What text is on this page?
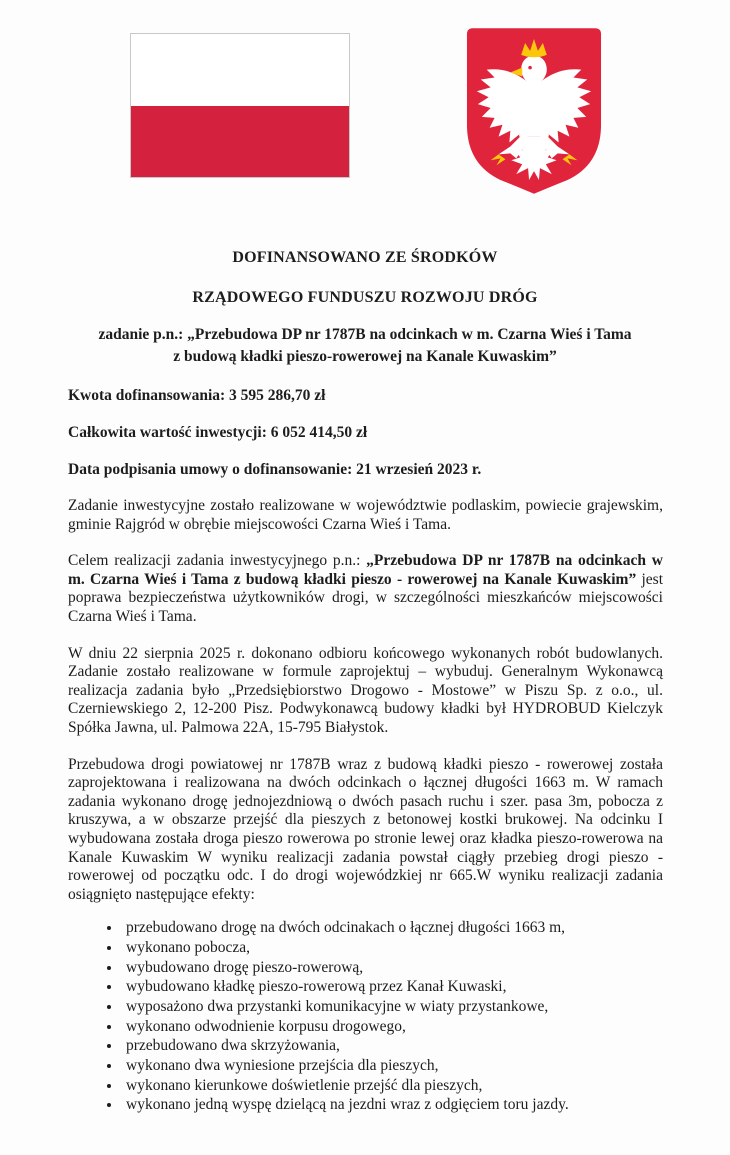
DOFINANSOWANO ZE ŚRODKÓW
RZĄDOWEGO FUNDUSZU ROZWOJU DRÓG
zadanie p.n.: „Przebudowa DP nr 1787B na odcinkach w m. Czarna Wieś i Tama
z budową kładki pieszo-rowerowej na Kanale Kuwaskim”
Kwota dofinansowania: 3 595 286,70 zł
Całkowita wartość inwestycji: 6 052 414,50 zł
Data podpisania umowy o dofinansowanie: 21 wrzesień 2023 r.

Zadanie inwestycyjne zostało realizowane w województwie podlaskim, powiecie grajewskim, gminie Rajgród w obrębie miejscowości Czarna Wieś i Tama.

Celem realizacji zadania inwestycyjnego p.n.: „Przebudowa DP nr 1787B na odcinkach w m. Czarna Wieś i Tama z budową kładki pieszo - rowerowej na Kanale Kuwaskim” jest poprawa bezpieczeństwa użytkowników drogi, w szczególności mieszkańców miejscowości Czarna Wieś i Tama.

W dniu 22 sierpnia 2025 r. dokonano odbioru końcowego wykonanych robót budowlanych. Zadanie zostało realizowane w formule zaprojektuj – wybuduj. Generalnym Wykonawcą realizacja zadania było „Przedsiębiorstwo Drogowo - Mostowe” w Piszu Sp. z o.o., ul. Czerniewskiego 2, 12-200 Pisz. Podwykonawcą budowy kładki był HYDROBUD Kielczyk Spółka Jawna, ul. Palmowa 22A, 15-795 Białystok.

Przebudowa drogi powiatowej nr 1787B wraz z budową kładki pieszo - rowerowej została zaprojektowana i realizowana na dwóch odcinkach o łącznej długości 1663 m. W ramach zadania wykonano drogę jednojezdniową o dwóch pasach ruchu i szer. pasa 3m, pobocza z kruszywa, a w obszarze przejść dla pieszych z betonowej kostki brukowej. Na odcinku I wybudowana została droga pieszo rowerowa po stronie lewej oraz kładka pieszo-rowerowa na Kanale Kuwaskim W wyniku realizacji zadania powstał ciągły przebieg drogi pieszo - rowerowej od początku odc. I do drogi wojewódzkiej nr 665.W wyniku realizacji zadania osiągnięto następujące efekty:

• przebudowano drogę na dwóch odcinakach o łącznej długości 1663 m,
• wykonano pobocza,
• wybudowano drogę pieszo-rowerową,
• wybudowano kładkę pieszo-rowerową przez Kanał Kuwaski,
• wyposażono dwa przystanki komunikacyjne w wiaty przystankowe,
• wykonano odwodnienie korpusu drogowego,
• przebudowano dwa skrzyżowania,
• wykonano dwa wyniesione przejścia dla pieszych,
• wykonano kierunkowe doświetlenie przejść dla pieszych,
• wykonano jedną wyspę dzielącą na jezdni wraz z odgięciem toru jazdy.
